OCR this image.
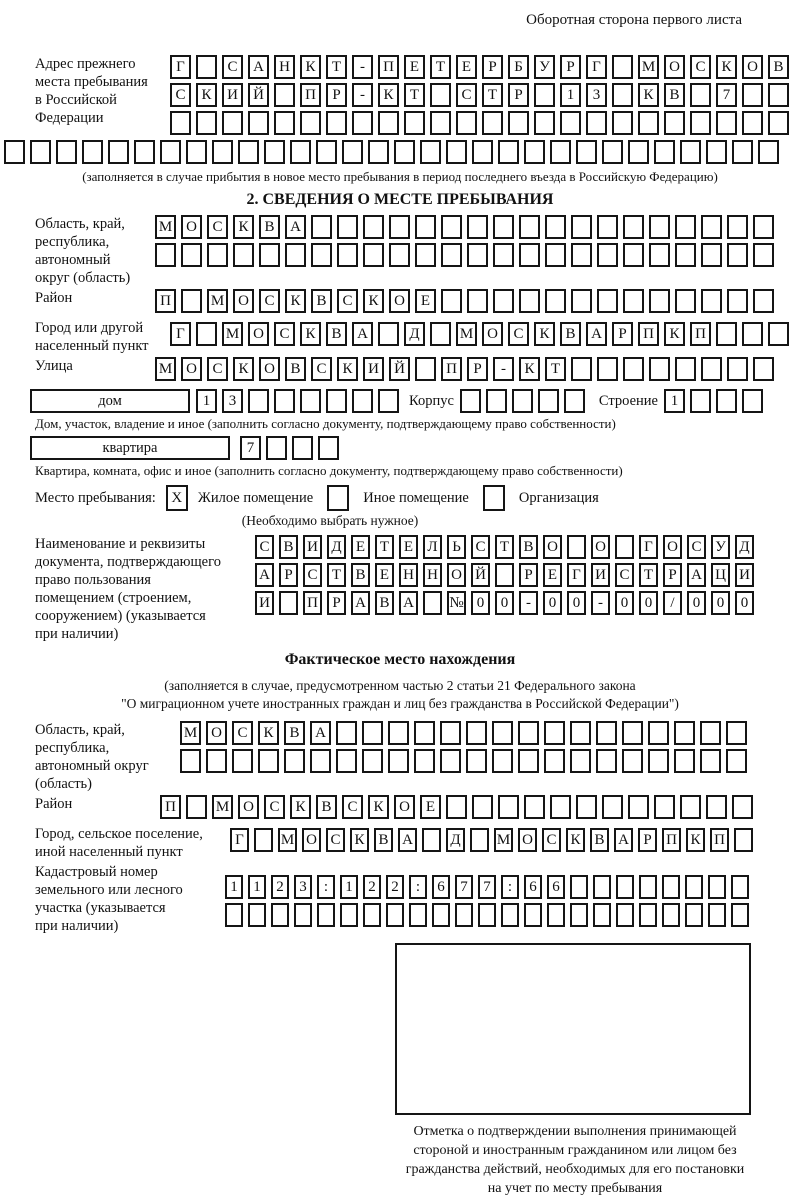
Оборотная сторона первого листа
Адрес прежнего
места пребывания
в Российской
Федерации
Г	С	А	Н	К	Т	-	П	Е	Т	Е	Р	Б	У	Р	Г	М О	С	К	О	В
С	К	И	Й	П	Р	-	К	Т	С	Т	Р	1	3	К	В	7
(заполняется в случае прибытия в новое место пребывания в период последнего въезда в Российскую Федерацию)
2. СВЕДЕНИЯ О МЕСТЕ ПРЕБЫВАНИЯ
Область, край,
республика,
автономный
округ (область)
М О	С	К	В	А
Район	П	М О	С	К	В	С	К	О	Е
Город или другой
населенный пункт
Г	М О	С	К	В	А	Д	М О	С	К	В	А	Р	П	К	П
Улица	М О	С	К	О	В	С	К	И	Й	П	Р	-	К	Т
дом	1	3	Корпус	Строение 1
Дом, участок, владение и иное (заполнить согласно документу, подтверждающему право собственности)
квартира	7
Квартира, комната, офис и иное (заполнить согласно документу, подтверждающему право собственности)
Место пребывания:	X	Жилое помещение	Иное помещение	Организация
(Необходимо выбрать нужное)
Наименование и реквизиты
документа, подтверждающего
право пользования
помещением (строением,
сооружением) (указывается
при наличии)
С В И Д Е Т Е Л Ь С Т В О О	Г О С У Д
А Р С Т В Е Н Н О Й	Р	Е	Г И С Т	Р А Ц И
И П Р А В А № 0	0	-	0	0	-	0	0	/	0	0	0
Фактическое место нахождения
(заполняется в случае, предусмотренном частью 2 статьи 21 Федерального закона
"О миграционном учете иностранных граждан и лиц без гражданства в Российской Федерации")
Область, край,
республика,
автономный округ
(область)
М О	С	К	В	А
Район	П	М О	С	К	В	С	К	О	Е
Город, сельское поселение,
иной населенный пункт
Г	М О С К В А Д М О С К В А Р П К П
Кадастровый номер
земельного или лесного
участка (указывается
при наличии)
1	1	2	3	:	1	2	2	:	6	7	7	:	6	6
Отметка о подтверждении выполнения принимающей
стороной и иностранным гражданином или лицом без
гражданства действий, необходимых для его постановки
на учет по месту пребывания
